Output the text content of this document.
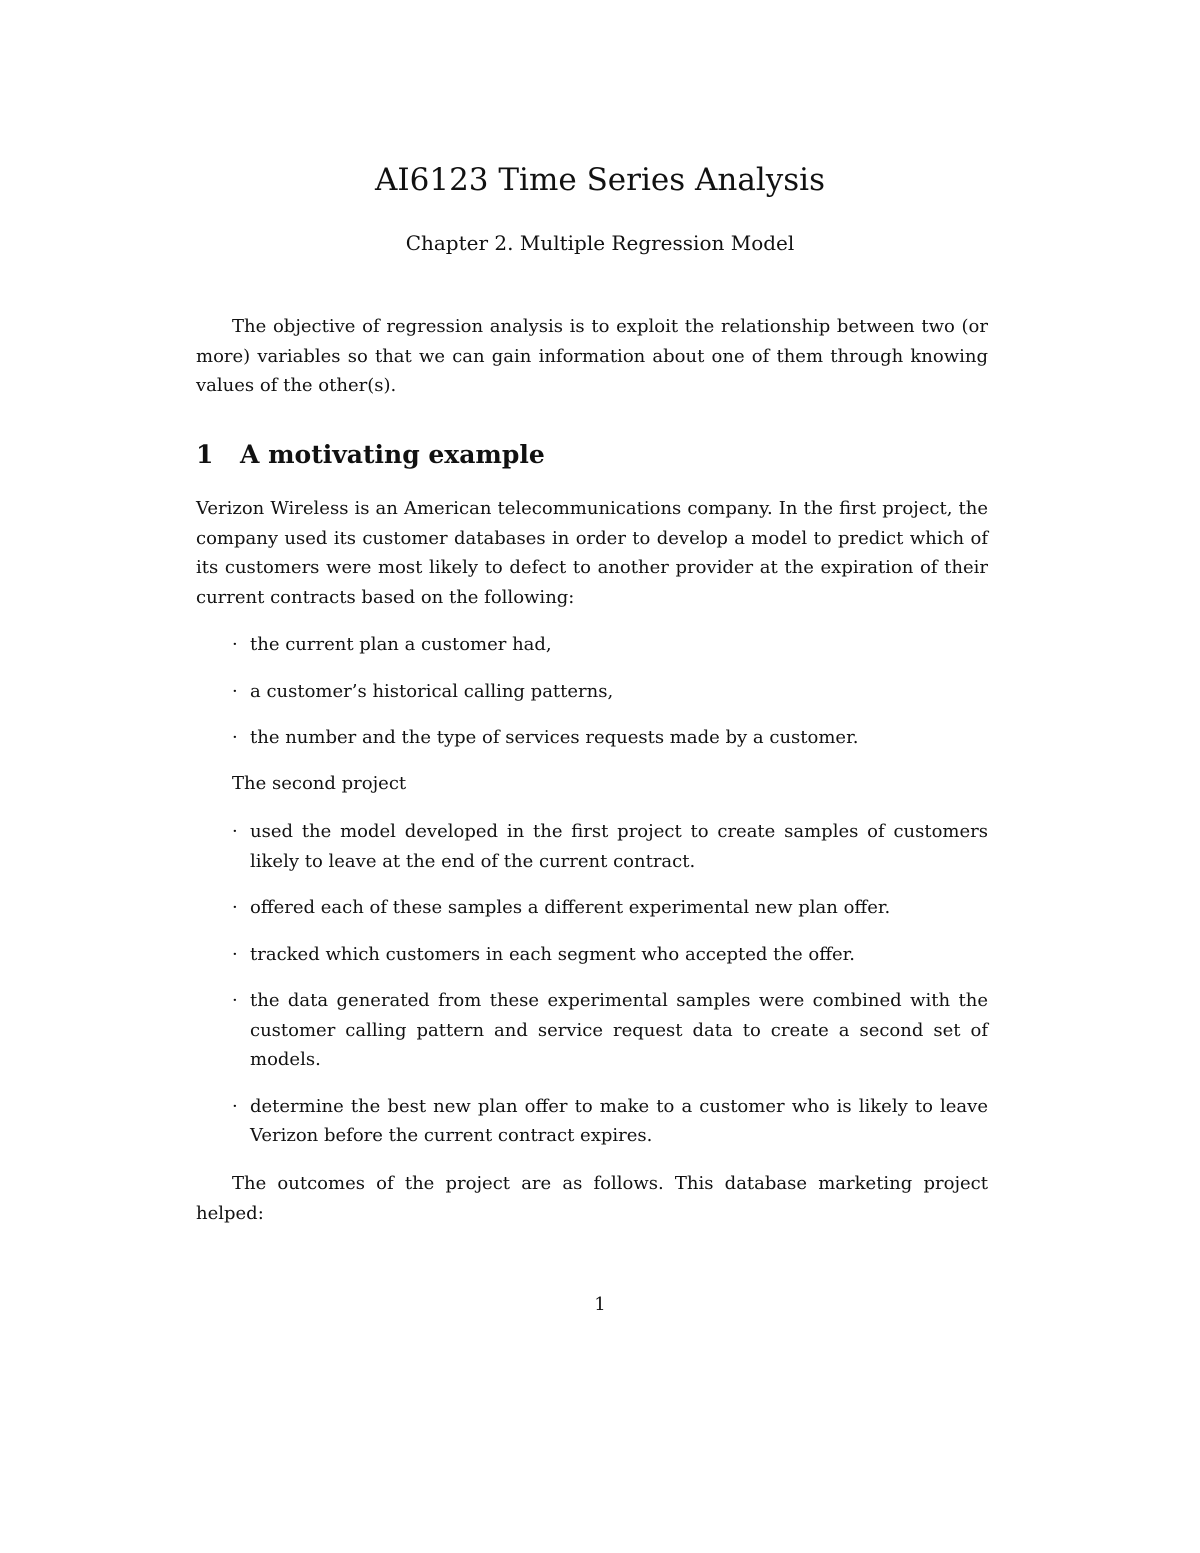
AI6123 Time Series Analysis

Chapter 2. Multiple Regression Model

The objective of regression analysis is to exploit the relationship between two (or more) variables so that we can gain information about one of them through knowing values of the other(s).

1 A motivating example

Verizon Wireless is an American telecommunications company. In the first project, the company used its customer databases in order to develop a model to predict which of its customers were most likely to defect to another provider at the expiration of their current contracts based on the following:

· the current plan a customer had,
· a customer’s historical calling patterns,
· the number and the type of services requests made by a customer.

The second project

· used the model developed in the first project to create samples of customers likely to leave at the end of the current contract.
· offered each of these samples a different experimental new plan offer.
· tracked which customers in each segment who accepted the offer.
· the data generated from these experimental samples were combined with the customer calling pattern and service request data to create a second set of models.
· determine the best new plan offer to make to a customer who is likely to leave Verizon before the current contract expires.

The outcomes of the project are as follows. This database marketing project helped:

1
